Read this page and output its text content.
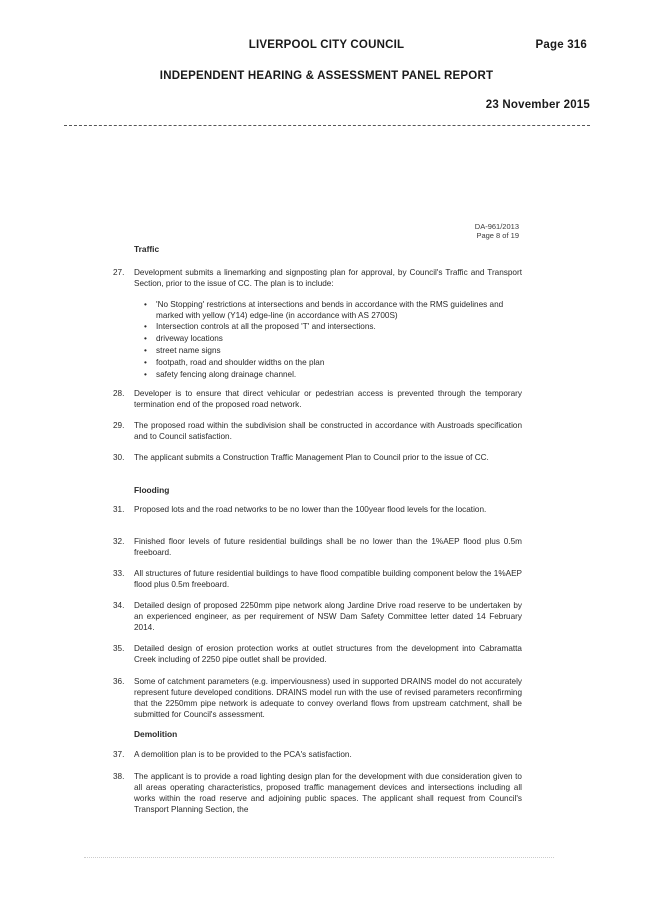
LIVERPOOL CITY COUNCIL	Page 316
INDEPENDENT HEARING & ASSESSMENT PANEL REPORT
23 November 2015
DA-961/2013
Page 8 of 19
Traffic
27. Development submits a linemarking and signposting plan for approval, by Council's Traffic and Transport Section, prior to the issue of CC. The plan is to include:
• 'No Stopping' restrictions at intersections and bends in accordance with the RMS guidelines and marked with yellow (Y14) edge-line (in accordance with AS 2700S)
• Intersection controls at all the proposed 'T' and intersections.
• driveway locations
• street name signs
• footpath, road and shoulder widths on the plan
• safety fencing along drainage channel.
28. Developer is to ensure that direct vehicular or pedestrian access is prevented through the temporary termination end of the proposed road network.
29. The proposed road within the subdivision shall be constructed in accordance with Austroads specification and to Council satisfaction.
30. The applicant submits a Construction Traffic Management Plan to Council prior to the issue of CC.
Flooding
31. Proposed lots and the road networks to be no lower than the 100year flood levels for the location.
32. Finished floor levels of future residential buildings shall be no lower than the 1%AEP flood plus 0.5m freeboard.
33. All structures of future residential buildings to have flood compatible building component below the 1%AEP flood plus 0.5m freeboard.
34. Detailed design of proposed 2250mm pipe network along Jardine Drive road reserve to be undertaken by an experienced engineer, as per requirement of NSW Dam Safety Committee letter dated 14 February 2014.
35. Detailed design of erosion protection works at outlet structures from the development into Cabramatta Creek including of 2250 pipe outlet shall be provided.
36. Some of catchment parameters (e.g. imperviousness) used in supported DRAINS model do not accurately represent future developed conditions. DRAINS model run with the use of revised parameters reconfirming that the 2250mm pipe network is adequate to convey overland flows from upstream catchment, shall be submitted for Council's assessment.
Demolition
37. A demolition plan is to be provided to the PCA's satisfaction.
38. The applicant is to provide a road lighting design plan for the development with due consideration given to all areas operating characteristics, proposed traffic management devices and intersections including all works within the road reserve and adjoining public spaces. The applicant shall request from Council's Transport Planning Section, the
